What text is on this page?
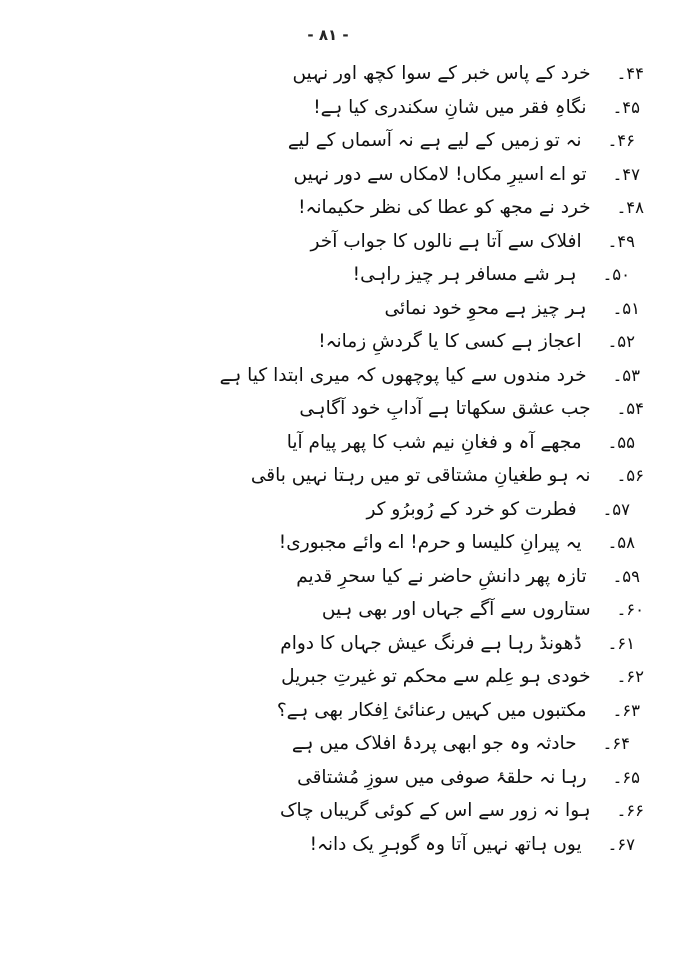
- ۸۱ -
۴۴۔
خرد کے پاس خبر کے سوا کچھ اور نہیں
۴۵۔
نگاہِ فقر میں شانِ سکندری کیا ہے!
۴۶۔
نہ تو زمیں کے لیے ہے نہ آسماں کے لیے
۴۷۔
تو اے اسیرِ مکاں! لامکاں سے دور نہیں
۴۸۔
خرد نے مجھ کو عطا کی نظر حکیمانہ!
۴۹۔
افلاک سے آتا ہے نالوں کا جواب آخر
۵۰۔
ہر شے مسافر ہر چیز راہی!
۵۱۔
ہر چیز ہے محوِ خود نمائی
۵۲۔
اعجاز ہے کسی کا یا گردشِ زمانہ!
۵۳۔
خرد مندوں سے کیا پوچھوں کہ میری ابتدا کیا ہے
۵۴۔
جب عشق سکھاتا ہے آدابِ خود آگاہی
۵۵۔
مجھے آہ و فغانِ نیم شب کا پھر پیام آیا
۵۶۔
نہ ہو طغیانِ مشتاقی تو میں رہتا نہیں باقی
۵۷۔
فطرت کو خرد کے رُوبرُو کر
۵۸۔
یہ پیرانِ کلیسا و حرم! اے وائے مجبوری!
۵۹۔
تازہ پھر دانشِ حاضر نے کیا سحرِ قدیم
۶۰۔
ستاروں سے آگے جہاں اور بھی ہیں
۶۱۔
ڈھونڈ رہا ہے فرنگ عیش جہاں کا دوام
۶۲۔
خودی ہو عِلم سے محکم تو غیرتِ جبریل
۶۳۔
مکتبوں میں کہیں رعنائیٔ اِفکار بھی ہے؟
۶۴۔
حادثہ وہ جو ابھی پردۂ افلاک میں ہے
۶۵۔
رہا نہ حلقۂ صوفی میں سوزِ مُشتاقی
۶۶۔
ہوا نہ زور سے اس کے کوئی گریباں چاک
۶۷۔
یوں ہاتھ نہیں آتا وہ گوہرِ یک دانہ!
